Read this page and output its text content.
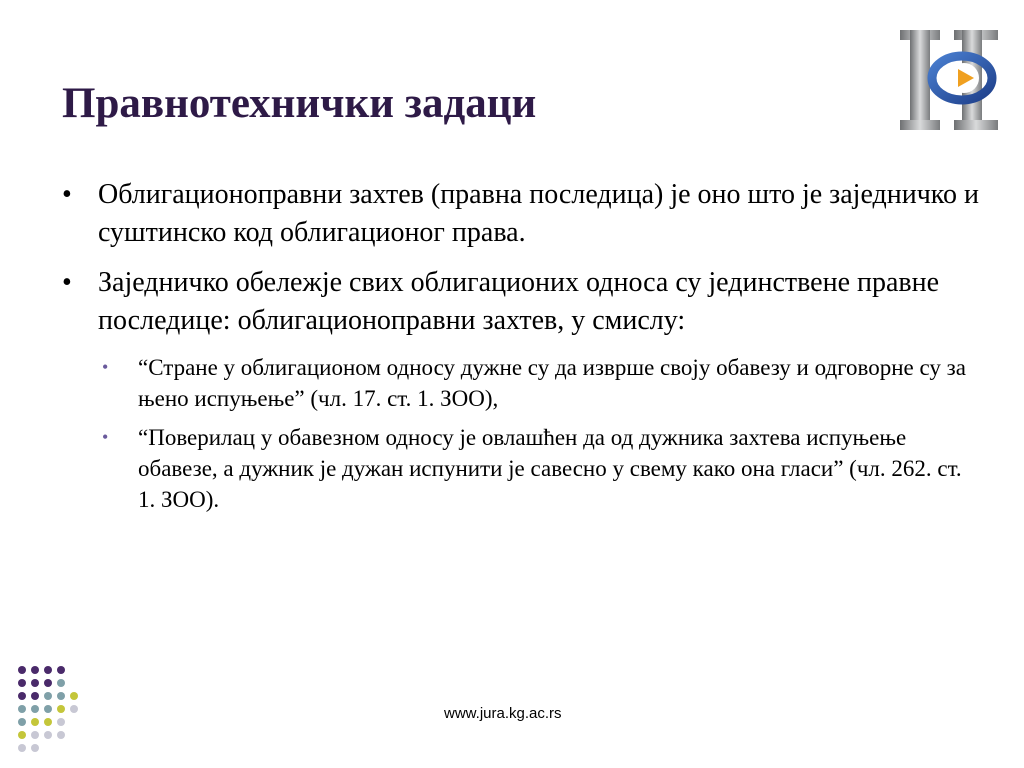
Правнотехнички задаци
• Облигационоправни захтев (правна последица) је оно што је заједничко и суштинско код облигационог права.
• Заједничко обележје свих облигационих односа су јединствене правне последице: облигационоправни захтев, у смислу:
• “Стране у облигационом односу дужне су да изврше своју обавезу и одговорне су за њено испуњење” (чл. 17. ст. 1. ЗОО),
• “Поверилац у обавезном односу је овлашћен да од дужника захтева испуњење обавезе, а дужник је дужан испунити је савесно у свему како она гласи” (чл. 262. ст. 1. ЗОО).
www.jura.kg.ac.rs
